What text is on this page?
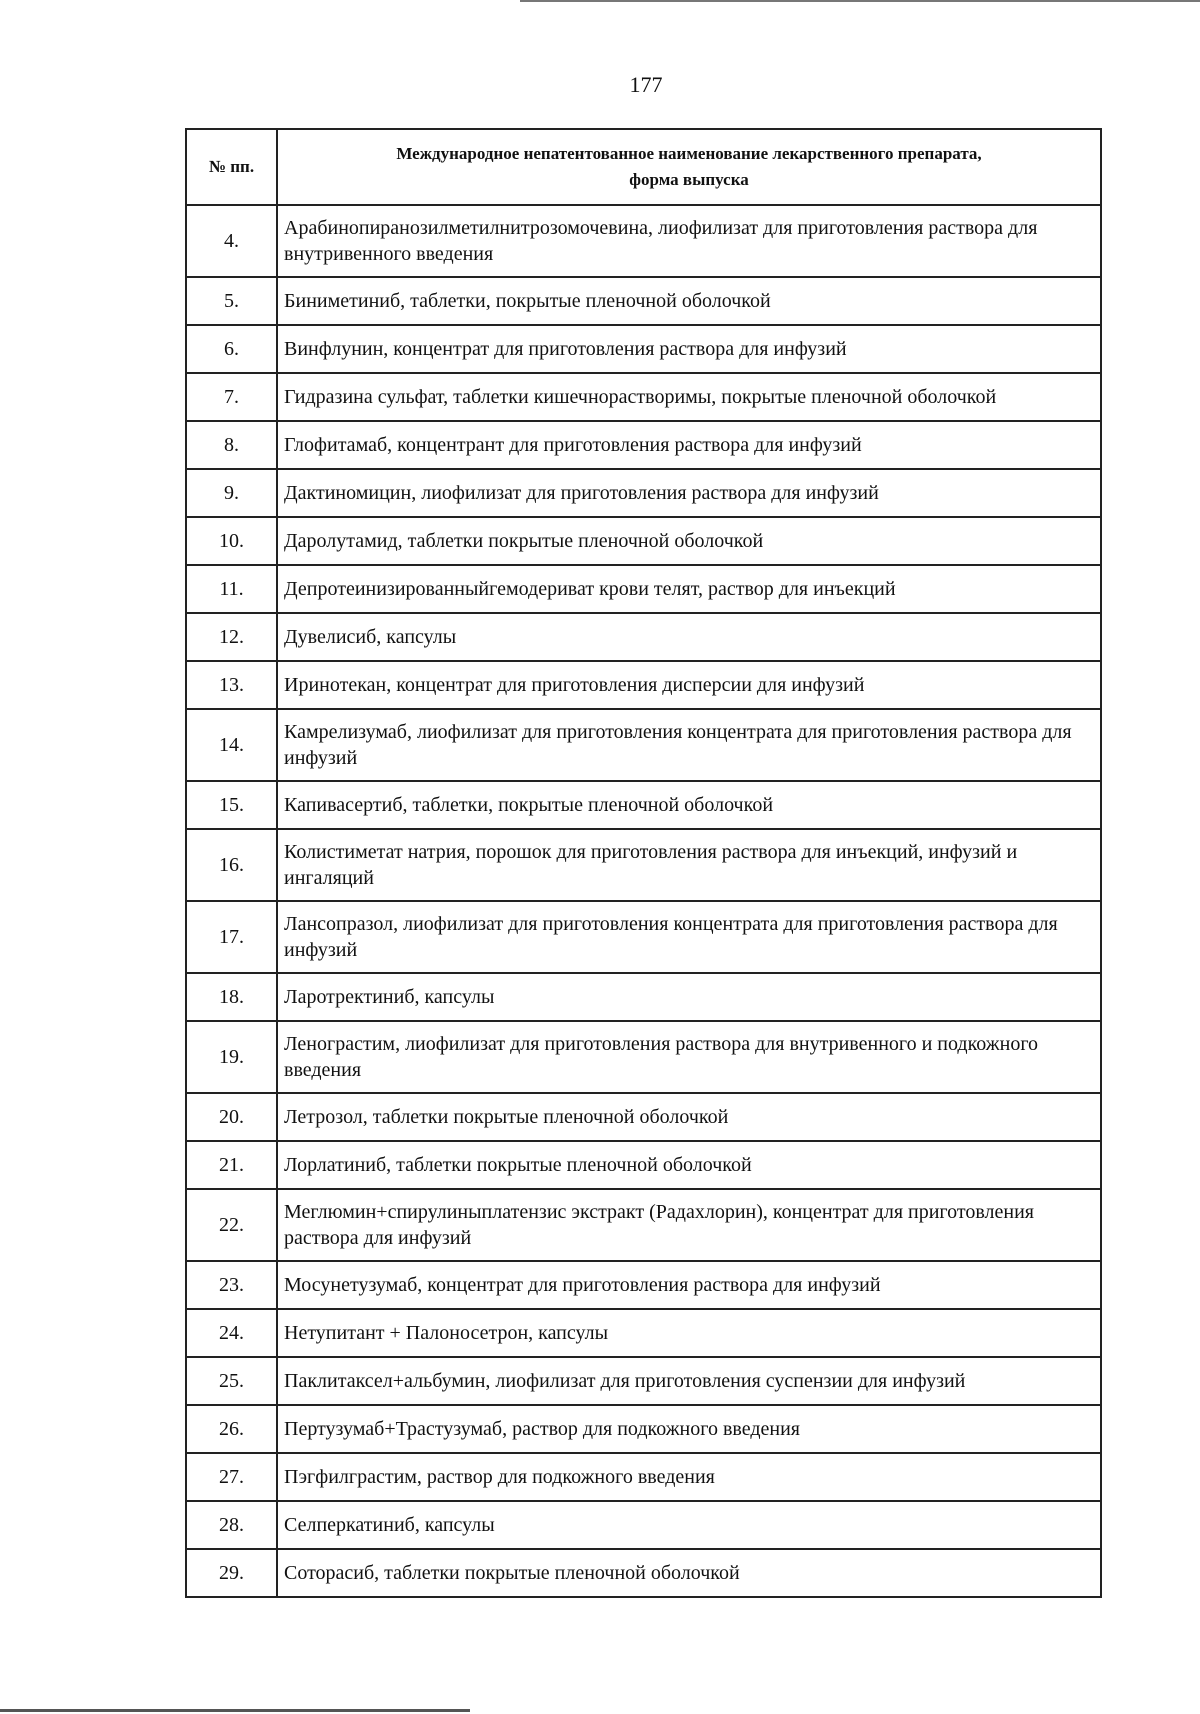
177
№ пп.	Международное непатентованное наименование лекарственного препарата,
форма выпуска
4.	Арабинопиранозилметилнитрозомочевина, лиофилизат для приготовления раствора для внутривенного введения
5.	Биниметиниб, таблетки, покрытые пленочной оболочкой
6.	Винфлунин, концентрат для приготовления раствора для инфузий
7.	Гидразина сульфат, таблетки кишечнорастворимы, покрытые пленочной оболочкой
8.	Глофитамаб, концентрант для приготовления раствора для инфузий
9.	Дактиномицин, лиофилизат для приготовления раствора для инфузий
10.	Даролутамид, таблетки покрытые пленочной оболочкой
11.	Депротеинизированныйгемодериват крови телят, раствор для инъекций
12.	Дувелисиб, капсулы
13.	Иринотекан, концентрат для приготовления дисперсии для инфузий
14.	Камрелизумаб, лиофилизат для приготовления концентрата для приготовления раствора для инфузий
15.	Капивасертиб, таблетки, покрытые пленочной оболочкой
16.	Колистиметат натрия, порошок для приготовления раствора для инъекций, инфузий и ингаляций
17.	Лансопразол, лиофилизат для приготовления концентрата для приготовления раствора для инфузий
18.	Ларотректиниб, капсулы
19.	Ленограстим, лиофилизат для приготовления раствора для внутривенного и подкожного введения
20.	Летрозол, таблетки покрытые пленочной оболочкой
21.	Лорлатиниб, таблетки покрытые пленочной оболочкой
22.	Меглюмин+спирулиныплатензис экстракт (Радахлорин), концентрат для приготовления раствора для инфузий
23.	Мосунетузумаб, концентрат для приготовления раствора для инфузий
24.	Нетупитант + Палоносетрон, капсулы
25.	Паклитаксел+альбумин, лиофилизат для приготовления суспензии для инфузий
26.	Пертузумаб+Трастузумаб, раствор для подкожного введения
27.	Пэгфилграстим, раствор для подкожного введения
28.	Селперкатиниб, капсулы
29.	Соторасиб, таблетки покрытые пленочной оболочкой
